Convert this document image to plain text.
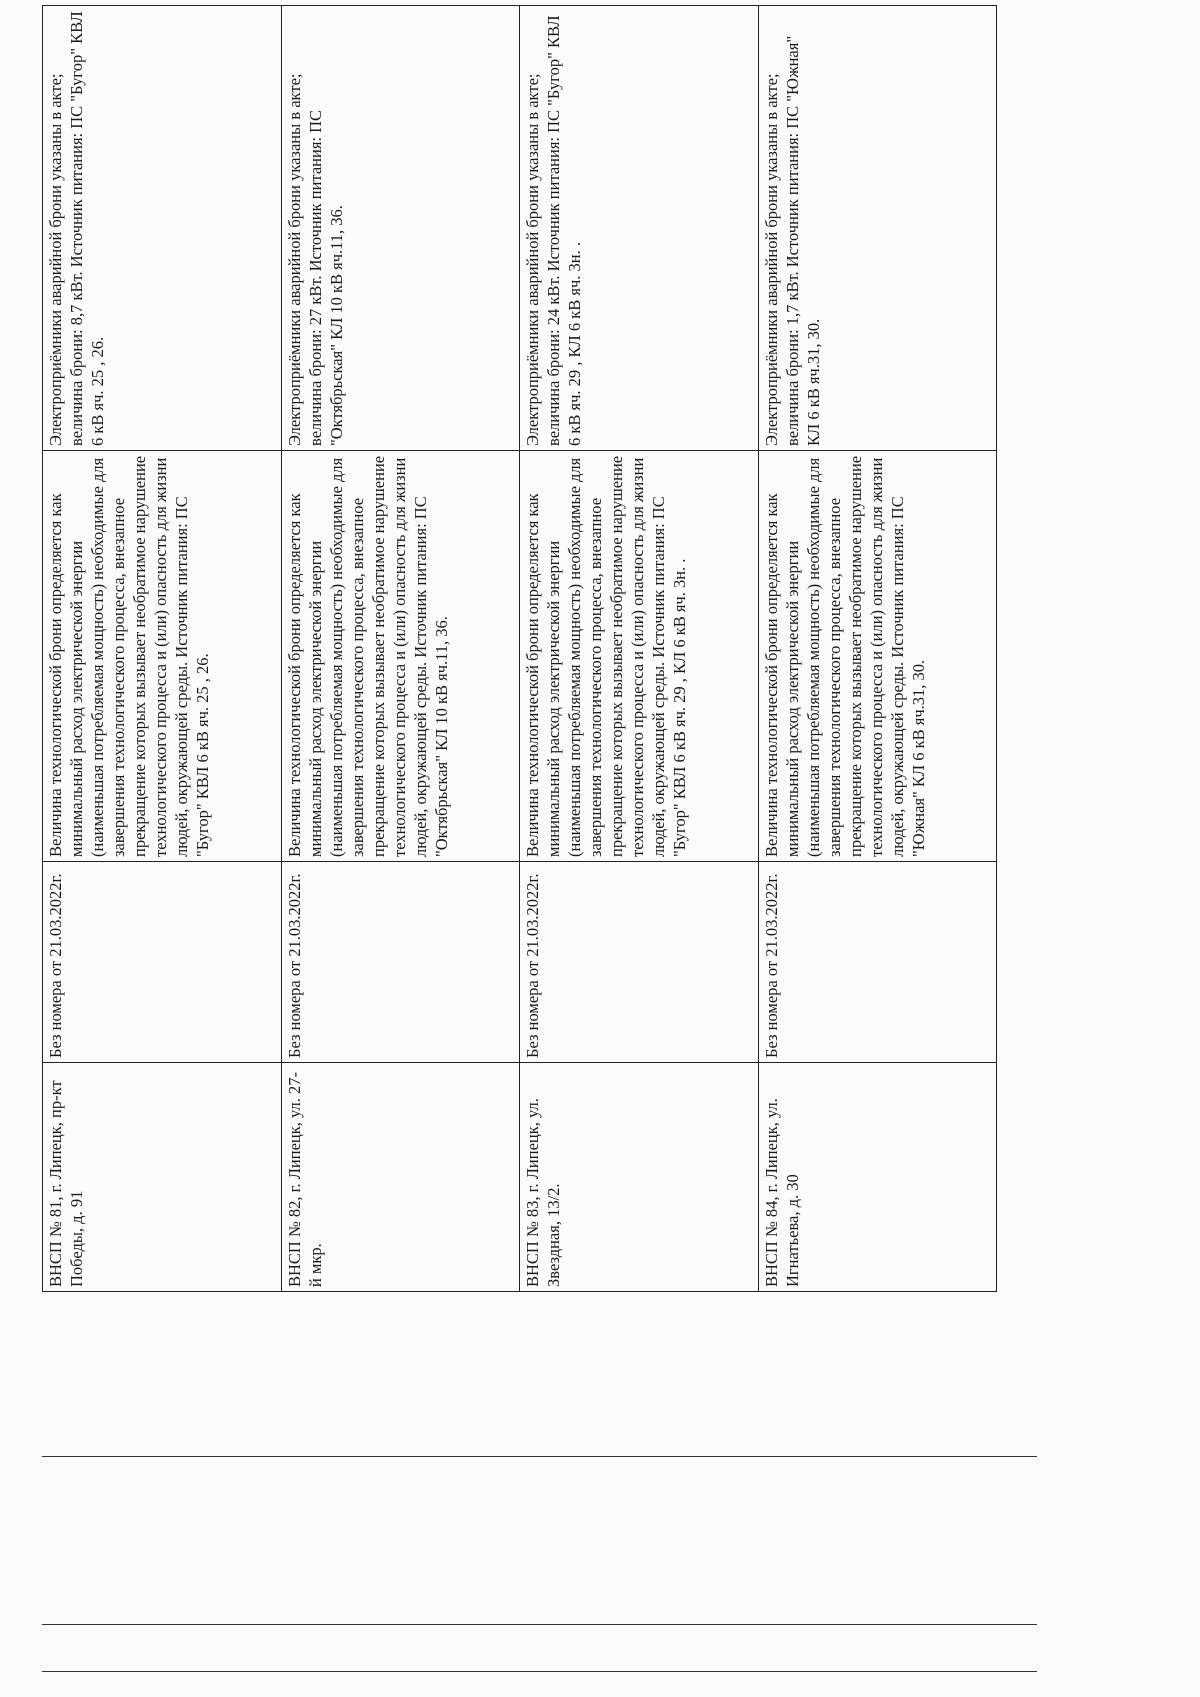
ВНСП № 81, г. Липецк, пр-кт Победы, д. 91	Без номера от 21.03.2022г.	Величина технологической брони определяется как минимальный расход электрической энергии (наименьшая потребляемая мощность) необходимые для завершения технологического процесса, внезапное прекращение которых вызывает необратимое нарушение технологического процесса и (или) опасность для жизни людей, окружающей среды. Источник питания: ПС "Бугор" КВЛ 6 кВ яч. 25 , 26.	Электроприёмники аварийной брони указаны в акте; величина брони: 8,7 кВт. Источник питания: ПС "Бугор" КВЛ 6 кВ яч. 25 , 26.
ВНСП № 82, г. Липецк, ул. 27-й мкр.	Без номера от 21.03.2022г.	Величина технологической брони определяется как минимальный расход электрической энергии (наименьшая потребляемая мощность) необходимые для завершения технологического процесса, внезапное прекращение которых вызывает необратимое нарушение технологического процесса и (или) опасность для жизни людей, окружающей среды. Источник питания: ПС "Октябрьская" КЛ 10 кВ яч.11, 36.	Электроприёмники аварийной брони указаны в акте; величина брони: 27 кВт. Источник питания: ПС "Октябрьская" КЛ 10 кВ яч.11, 36.
ВНСП № 83, г. Липецк, ул. Звездная, 13/2.	Без номера от 21.03.2022г.	Величина технологической брони определяется как минимальный расход электрической энергии (наименьшая потребляемая мощность) необходимые для завершения технологического процесса, внезапное прекращение которых вызывает необратимое нарушение технологического процесса и (или) опасность для жизни людей, окружающей среды. Источник питания: ПС "Бугор" КВЛ 6 кВ яч. 29 , КЛ 6 кВ яч. 3н. .	Электроприёмники аварийной брони указаны в акте; величина брони: 24 кВт. Источник питания: ПС "Бугор" КВЛ 6 кВ яч. 29 , КЛ 6 кВ яч. 3н. .
ВНСП № 84, г. Липецк, ул. Игнатьева, д. 30	Без номера от 21.03.2022г.	Величина технологической брони определяется как минимальный расход электрической энергии (наименьшая потребляемая мощность) необходимые для завершения технологического процесса, внезапное прекращение которых вызывает необратимое нарушение технологического процесса и (или) опасность для жизни людей, окружающей среды. Источник питания: ПС "Южная" КЛ 6 кВ яч.31, 30.	Электроприёмники аварийной брони указаны в акте; величина брони: 1,7 кВт. Источник питания: ПС "Южная" КЛ 6 кВ яч.31, 30.
